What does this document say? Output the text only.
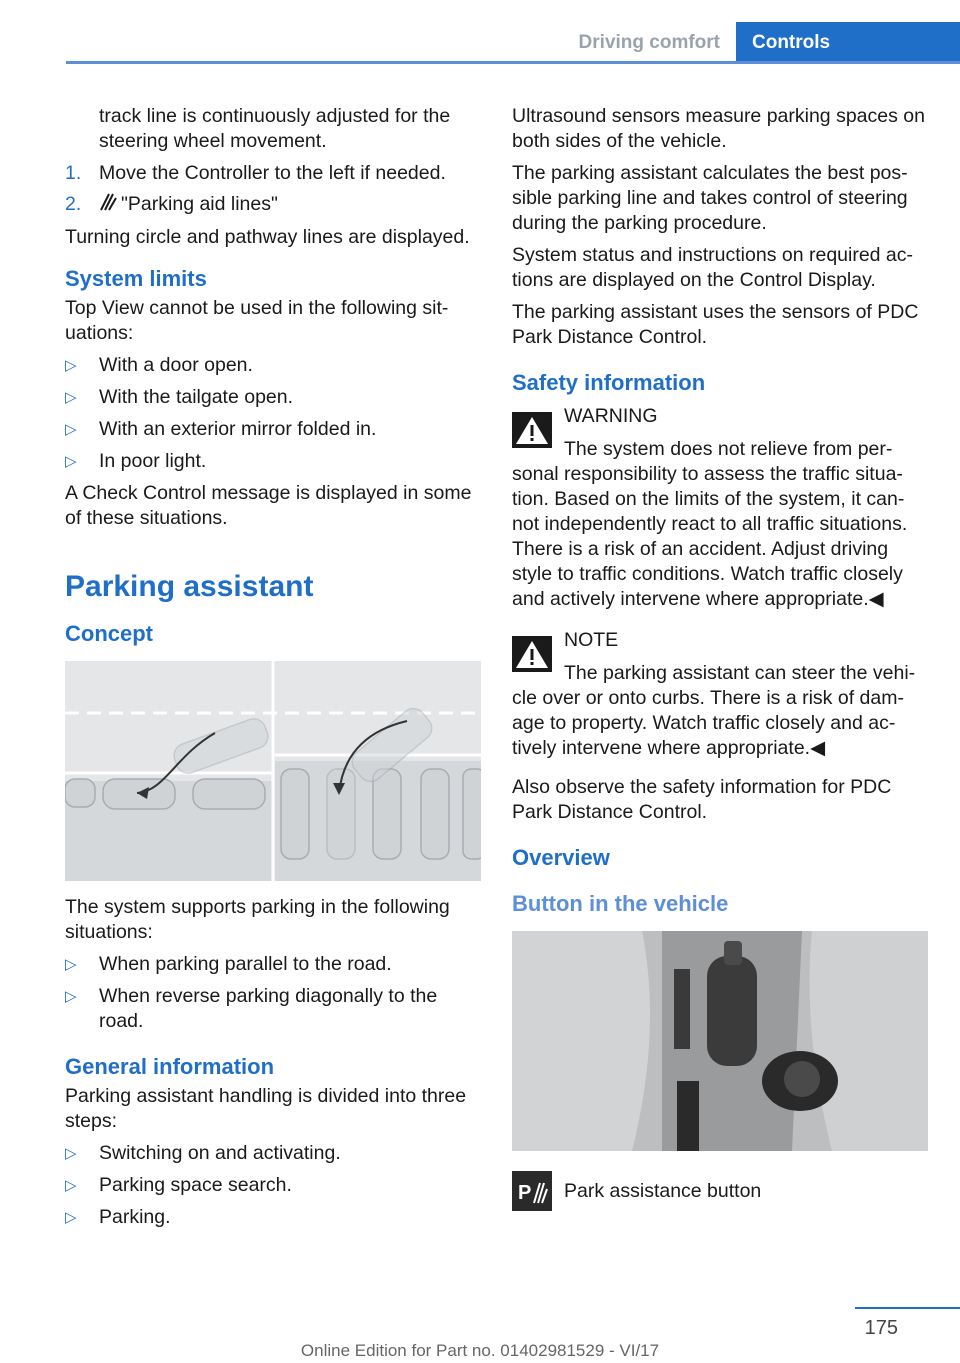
Driving comfort	Controls

track line is continuously adjusted for the steering wheel movement.

1. Move the Controller to the left if needed.
2.	"Parking aid lines"

Turning circle and pathway lines are displayed.

System limits

Top View cannot be used in the following sit‐ uations:

▷	With a door open.
▷	With the tailgate open.
▷	With an exterior mirror folded in.
▷	In poor light.

A Check Control message is displayed in some of these situations.

Parking assistant
Concept

The system supports parking in the following situations:

▷	When parking parallel to the road.
▷	When reverse parking diagonally to the road.
General information

Parking assistant handling is divided into three steps:

▷	Switching on and activating.
▷	Parking space search.
▷	Parking.

Ultrasound sensors measure parking spaces on both sides of the vehicle.

The parking assistant calculates the best pos‐ sible parking line and takes control of steering during the parking procedure.

System status and instructions on required ac‐ tions are displayed on the Control Display.

The parking assistant uses the sensors of PDC Park Distance Control.

Safety information
WARNING
The system does not relieve from per‐

sonal responsibility to assess the traffic situa‐ tion. Based on the limits of the system, it can‐ not independently react to all traffic situations. There is a risk of an accident. Adjust driving style to traffic conditions. Watch traffic closely and actively intervene where appropriate.◀

NOTE
The parking assistant can steer the vehi‐

cle over or onto curbs. There is a risk of dam‐ age to property. Watch traffic closely and ac‐ tively intervene where appropriate.◀

Also observe the safety information for PDC Park Distance Control.

Overview
Button in the vehicle
P Park assistance button
175
Online Edition for Part no. 01402981529 - VI/17
